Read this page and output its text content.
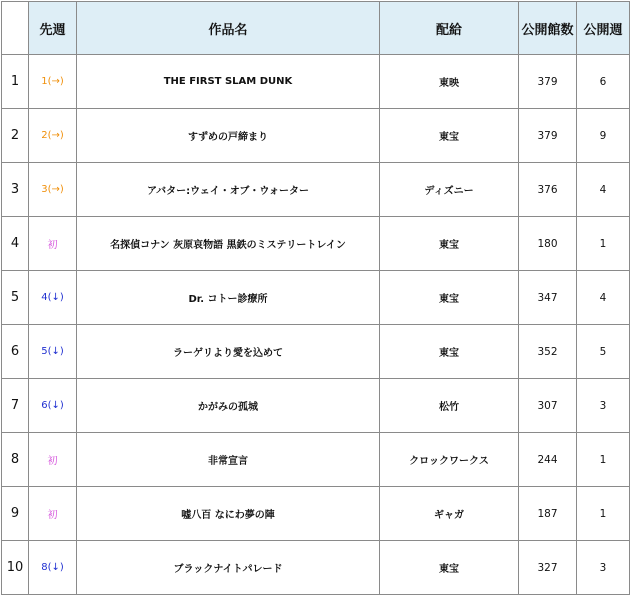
	先週	作品名	配給	公開館数	公開週
1	1(→)	THE FIRST SLAM DUNK	東映	379	6
2	2(→)	すずめの戸締まり	東宝	379	9
3	3(→)	アバター:ウェイ・オブ・ウォーター	ディズニー	376	4
4	初	名探偵コナン 灰原哀物語 黒鉄のミステリートレイン	東宝	180	1
5	4(↓)	Dr. コトー診療所	東宝	347	4
6	5(↓)	ラーゲリより愛を込めて	東宝	352	5
7	6(↓)	かがみの孤城	松竹	307	3
8	初	非常宣言	クロックワークス	244	1
9	初	嘘八百 なにわ夢の陣	ギャガ	187	1
10	8(↓)	ブラックナイトパレード	東宝	327	3
